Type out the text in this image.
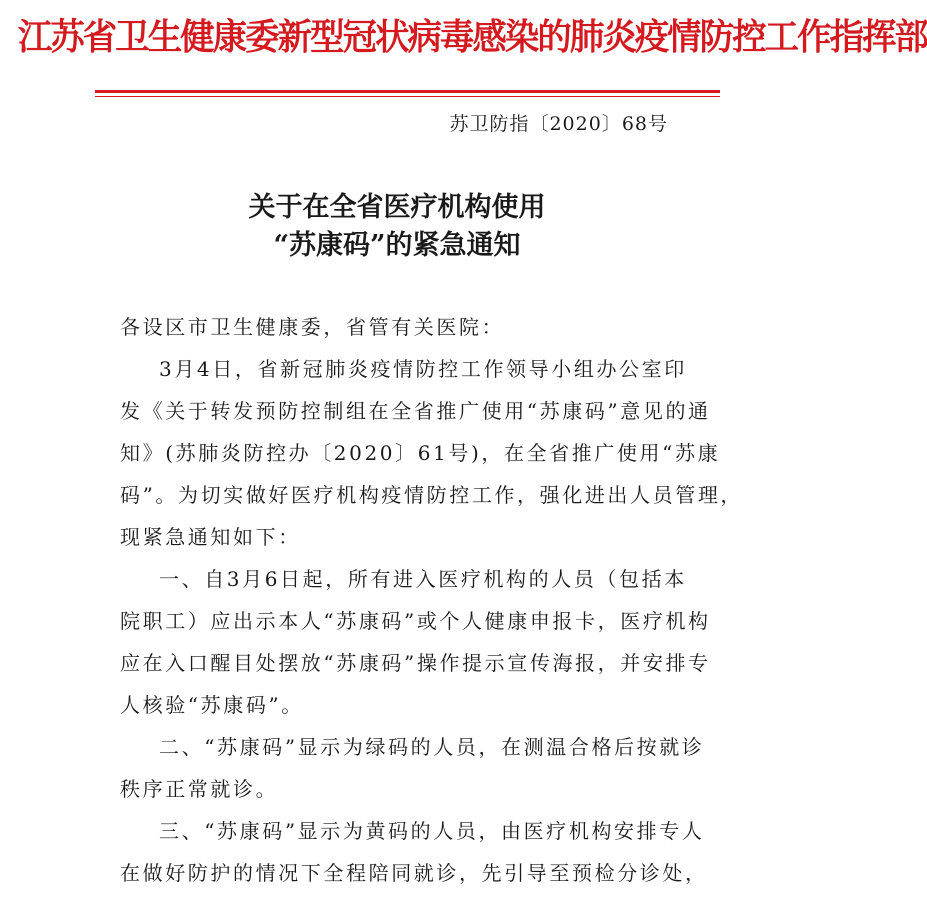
江苏省卫生健康委新型冠状病毒感染的肺炎疫情防控工作指挥部
苏卫防指〔2020〕68号
关于在全省医疗机构使用
“苏康码”的紧急通知
各设区市卫生健康委，省管有关医院：
3月4日，省新冠肺炎疫情防控工作领导小组办公室印
发《关于转发预防控制组在全省推广使用“苏康码”意见的通
知》(苏肺炎防控办〔2020〕61号)，在全省推广使用“苏康
码”。为切实做好医疗机构疫情防控工作，强化进出人员管理，
现紧急通知如下：
一、自3月6日起，所有进入医疗机构的人员（包括本
院职工）应出示本人“苏康码”或个人健康申报卡，医疗机构
应在入口醒目处摆放“苏康码”操作提示宣传海报，并安排专
人核验“苏康码”。
二、“苏康码”显示为绿码的人员，在测温合格后按就诊
秩序正常就诊。
三、“苏康码”显示为黄码的人员，由医疗机构安排专人
在做好防护的情况下全程陪同就诊，先引导至预检分诊处，
